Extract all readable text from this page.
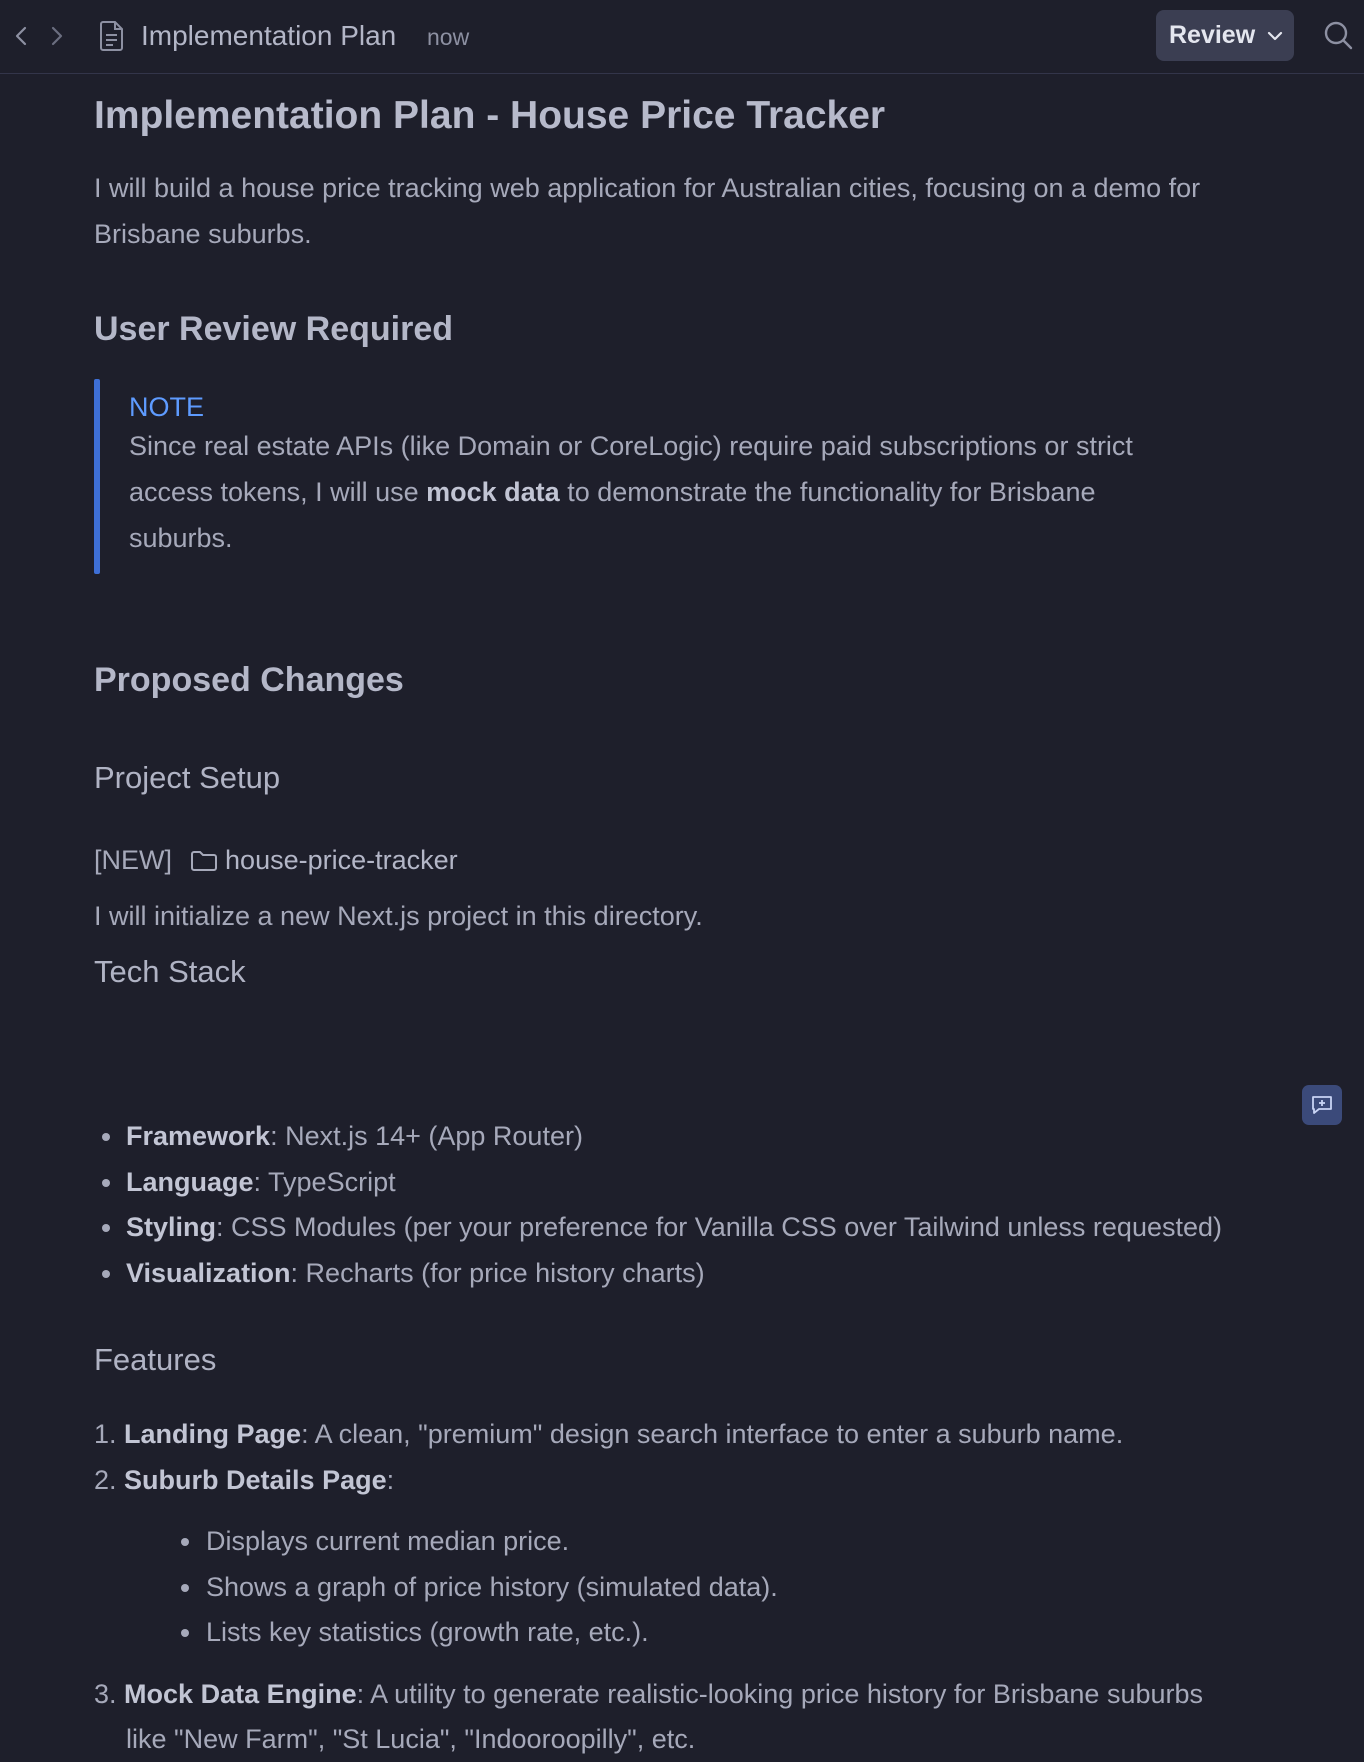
Implementation Plan now	Review
Implementation Plan - House Price Tracker
I will build a house price tracking web application for Australian cities, focusing on a demo for
Brisbane suburbs.
User Review Required
NOTE
Since real estate APIs (like Domain or CoreLogic) require paid subscriptions or strict
access tokens, I will use mock data to demonstrate the functionality for Brisbane
suburbs.
Proposed Changes
Project Setup
[NEW] house-price-tracker
I will initialize a new Next.js project in this directory.
Tech Stack
Framework: Next.js 14+ (App Router)
Language: TypeScript
Styling: CSS Modules (per your preference for Vanilla CSS over Tailwind unless requested)
Visualization: Recharts (for price history charts)
Features
1. Landing Page: A clean, "premium" design search interface to enter a suburb name.
2. Suburb Details Page:
Displays current median price.
Shows a graph of price history (simulated data).
Lists key statistics (growth rate, etc.).
3. Mock Data Engine: A utility to generate realistic-looking price history for Brisbane suburbs
like "New Farm", "St Lucia", "Indooroopilly", etc.
